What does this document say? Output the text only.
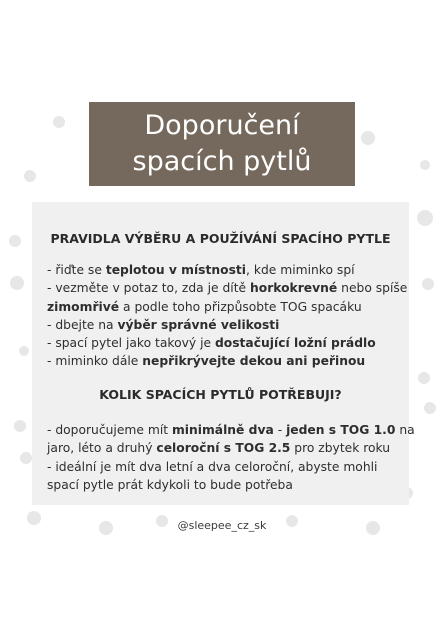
Doporučení
spacích pytlů
PRAVIDLA VÝBĚRU A POUŽÍVÁNÍ SPACÍHO PYTLE
- řiďte se teplotou v místnosti, kde miminko spí
- vezměte v potaz to, zda je dítě horkokrevné nebo spíše
zimomřivé a podle toho přizpůsobte TOG spacáku
- dbejte na výběr správné velikosti
- spací pytel jako takový je dostačující ložní prádlo
- miminko dále nepřikrývejte dekou ani peřinou
KOLIK SPACÍCH PYTLŮ POTŘEBUJI?
- doporučujeme mít minimálně dva - jeden s TOG 1.0 na
jaro, léto a druhý celoroční s TOG 2.5 pro zbytek roku
- ideální je mít dva letní a dva celoroční, abyste mohli
spací pytle prát kdykoli to bude potřeba
@sleepee_cz_sk
